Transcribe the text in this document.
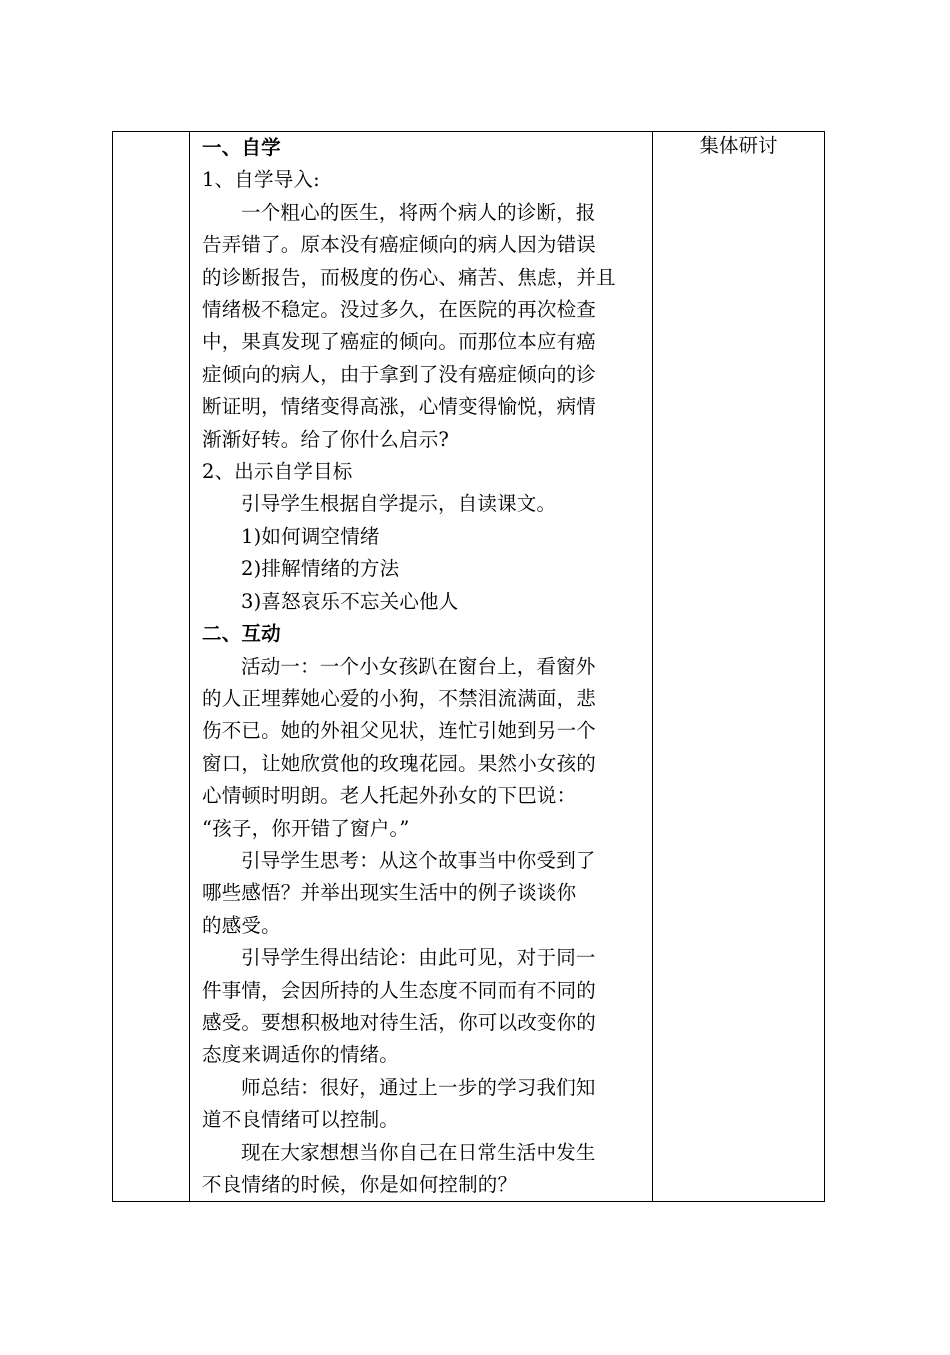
一、自学
1、自学导入:
一个粗心的医生，将两个病人的诊断，报
告弄错了。原本没有癌症倾向的病人因为错误
的诊断报告，而极度的伤心、痛苦、焦虑，并且
情绪极不稳定。没过多久，在医院的再次检查
中，果真发现了癌症的倾向。而那位本应有癌
症倾向的病人，由于拿到了没有癌症倾向的诊
断证明，情绪变得高涨，心情变得愉悦，病情
渐渐好转。给了你什么启示?
2、出示自学目标
引导学生根据自学提示，自读课文。
1)如何调空情绪
2)排解情绪的方法
3)喜怒哀乐不忘关心他人
二、互动
活动一：一个小女孩趴在窗台上，看窗外
的人正埋葬她心爱的小狗，不禁泪流满面，悲
伤不已。她的外祖父见状，连忙引她到另一个
窗口，让她欣赏他的玫瑰花园。果然小女孩的
心情顿时明朗。老人托起外孙女的下巴说：
“孩子，你开错了窗户。”
引导学生思考：从这个故事当中你受到了
哪些感悟？并举出现实生活中的例子谈谈你
的感受。
引导学生得出结论：由此可见，对于同一
件事情，会因所持的人生态度不同而有不同的
感受。要想积极地对待生活，你可以改变你的
态度来调适你的情绪。
师总结：很好，通过上一步的学习我们知
道不良情绪可以控制。
现在大家想想当你自己在日常生活中发生
不良情绪的时候，你是如何控制的？

集体研讨
